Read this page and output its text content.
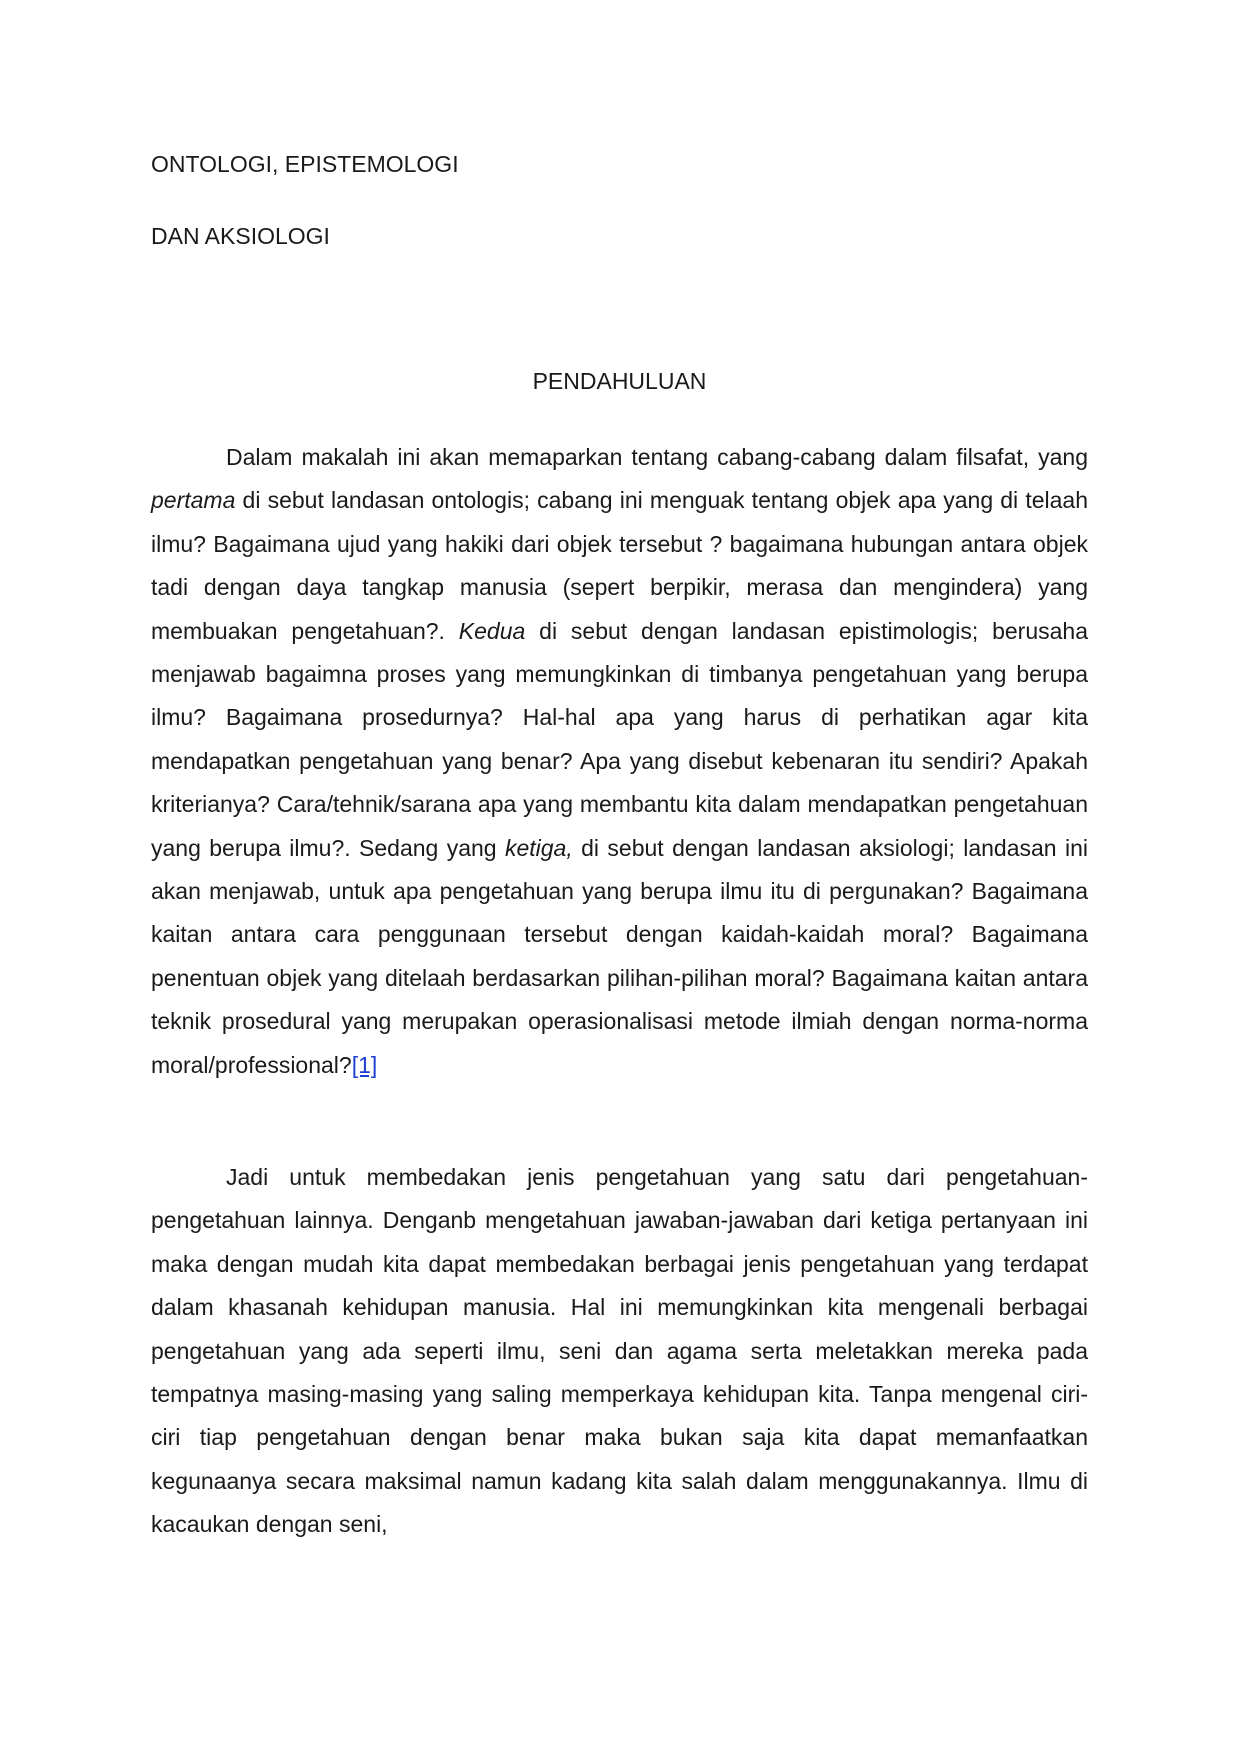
ONTOLOGI, EPISTEMOLOGI
DAN AKSIOLOGI
PENDAHULUAN

Dalam makalah ini akan memaparkan tentang cabang-cabang dalam filsafat, yang pertama di sebut landasan ontologis; cabang ini menguak tentang objek apa yang di telaah ilmu? Bagaimana ujud yang hakiki dari objek tersebut ? bagaimana hubungan antara objek tadi dengan daya tangkap manusia (sepert berpikir, merasa dan mengindera) yang membuakan pengetahuan?. Kedua di sebut dengan landasan epistimologis; berusaha menjawab bagaimna proses yang memungkinkan di timbanya pengetahuan yang berupa ilmu? Bagaimana prosedurnya? Hal-hal apa yang harus di perhatikan agar kita mendapatkan pengetahuan yang benar? Apa yang disebut kebenaran itu sendiri? Apakah kriterianya? Cara/tehnik/sarana apa yang membantu kita dalam mendapatkan pengetahuan yang berupa ilmu?. Sedang yang ketiga, di sebut dengan landasan aksiologi; landasan ini akan menjawab, untuk apa pengetahuan yang berupa ilmu itu di pergunakan? Bagaimana kaitan antara cara penggunaan tersebut dengan kaidah-kaidah moral? Bagaimana penentuan objek yang ditelaah berdasarkan pilihan-pilihan moral? Bagaimana kaitan antara teknik prosedural yang merupakan operasionalisasi metode ilmiah dengan norma-norma moral/professional?[1]

Jadi untuk membedakan jenis pengetahuan yang satu dari pengetahuan-pengetahuan lainnya. Denganb mengetahuan jawaban-jawaban dari ketiga pertanyaan ini maka dengan mudah kita dapat membedakan berbagai jenis pengetahuan yang terdapat dalam khasanah kehidupan manusia. Hal ini memungkinkan kita mengenali berbagai pengetahuan yang ada seperti ilmu, seni dan agama serta meletakkan mereka pada tempatnya masing-masing yang saling memperkaya kehidupan kita. Tanpa mengenal ciri-ciri tiap pengetahuan dengan benar maka bukan saja kita dapat memanfaatkan kegunaanya secara maksimal namun kadang kita salah dalam menggunakannya. Ilmu di kacaukan dengan seni,
